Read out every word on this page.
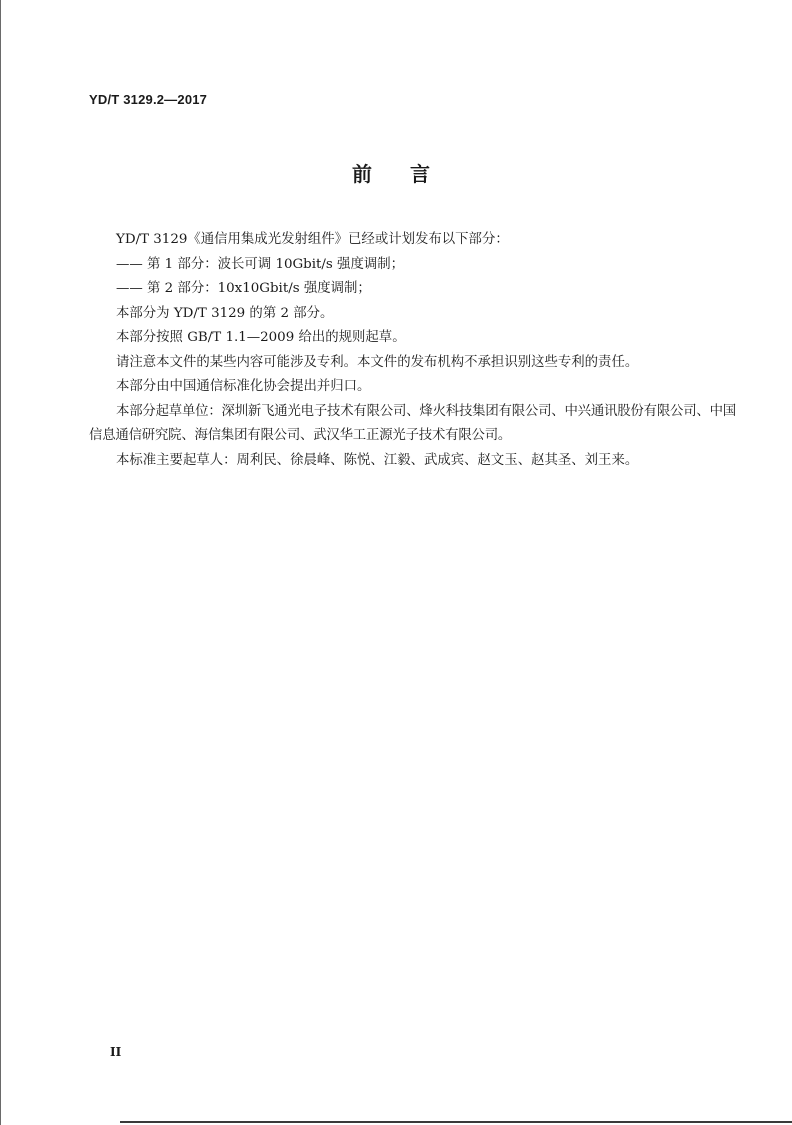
YD/T 3129.2—2017
前言

YD/T 3129《通信用集成光发射组件》已经或计划发布以下部分：

—— 第 1 部分：波长可调 10Gbit/s 强度调制；

—— 第 2 部分：10x10Gbit/s 强度调制；

本部分为 YD/T 3129 的第 2 部分。

本部分按照 GB/T 1.1—2009 给出的规则起草。

请注意本文件的某些内容可能涉及专利。本文件的发布机构不承担识别这些专利的责任。

本部分由中国通信标准化协会提出并归口。

本部分起草单位：深圳新飞通光电子技术有限公司、烽火科技集团有限公司、中兴通讯股份有限公司、中国信息通信研究院、海信集团有限公司、武汉华工正源光子技术有限公司。

本标准主要起草人：周利民、徐晨峰、陈悦、江毅、武成宾、赵文玉、赵其圣、刘王来。

II
